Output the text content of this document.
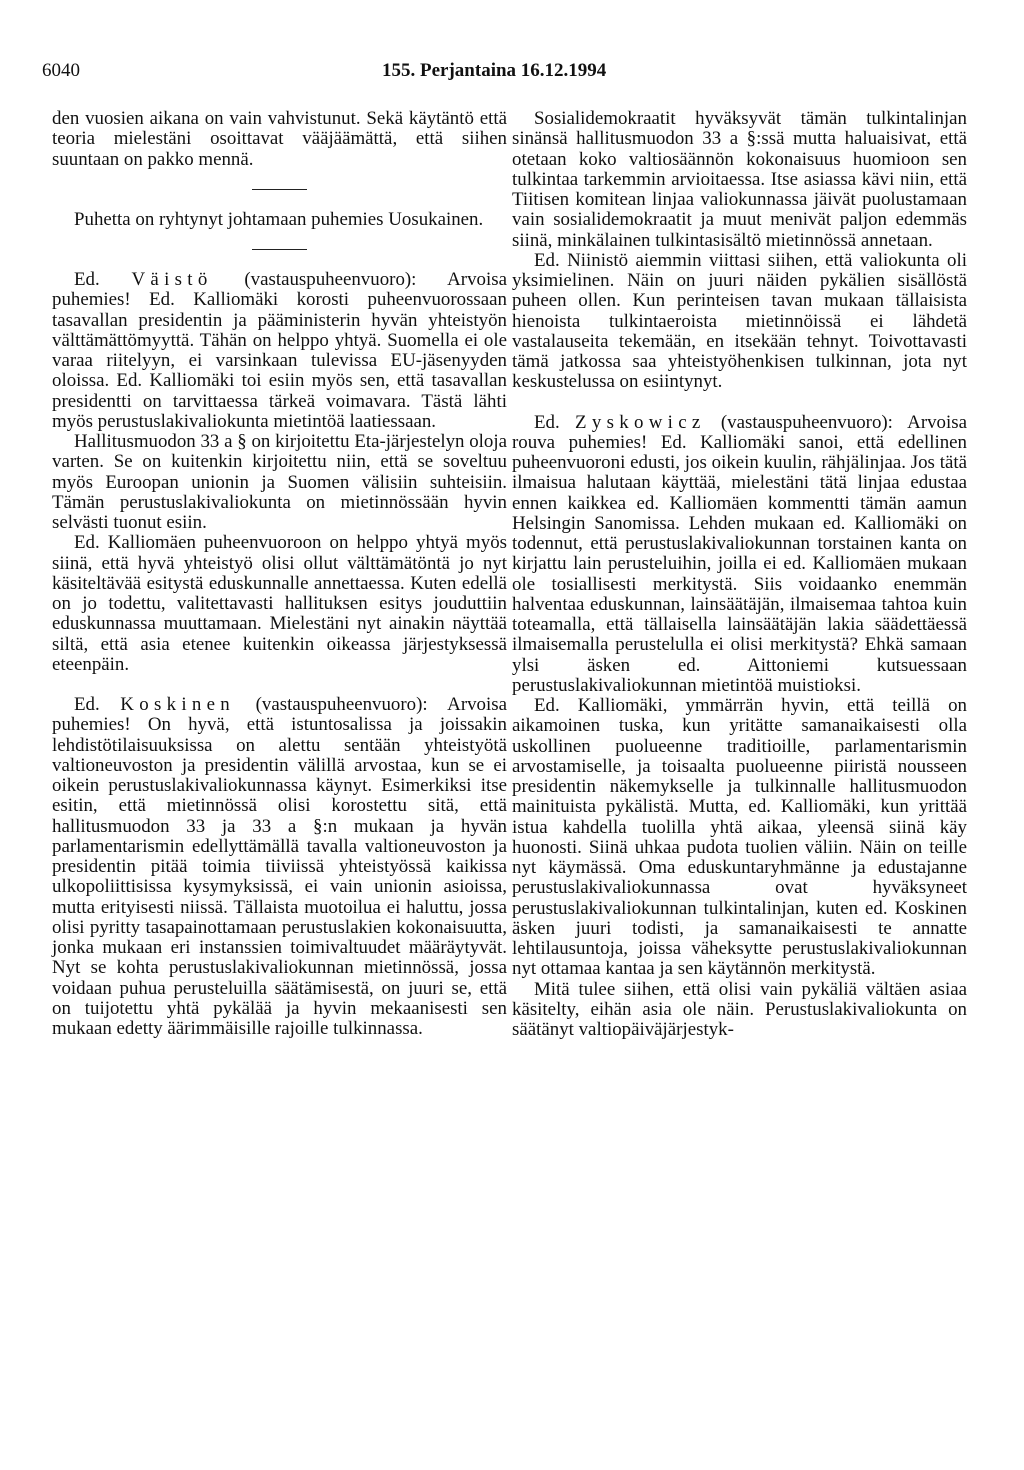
6040	155. Perjantaina 16.12.1994

den vuosien aikana on vain vahvistunut. Sekä käytäntö että teoria mielestäni osoittavat vääjäämättä, että siihen suuntaan on pakko mennä.

Puhetta on ryhtynyt johtamaan puhemies Uosukainen.

Ed. Väistö (vastauspuheenvuoro): Arvoisa puhemies! Ed. Kalliomäki korosti puheenvuorossaan tasavallan presidentin ja pääministerin hyvän yhteistyön välttämättömyyttä. Tähän on helppo yhtyä. Suomella ei ole varaa riitelyyn, ei varsinkaan tulevissa EU-jäsenyyden oloissa. Ed. Kalliomäki toi esiin myös sen, että tasavallan presidentti on tarvittaessa tärkeä voimavara. Tästä lähti myös perustuslakivaliokunta mietintöä laatiessaan.

Hallitusmuodon 33 a § on kirjoitettu Eta-järjestelyn oloja varten. Se on kuitenkin kirjoitettu niin, että se soveltuu myös Euroopan unionin ja Suomen välisiin suhteisiin. Tämän perustuslakivaliokunta on mietinnössään hyvin selvästi tuonut esiin.

Ed. Kalliomäen puheenvuoroon on helppo yhtyä myös siinä, että hyvä yhteistyö olisi ollut välttämätöntä jo nyt käsiteltävää esitystä eduskunnalle annettaessa. Kuten edellä on jo todettu, valitettavasti hallituksen esitys jouduttiin eduskunnassa muuttamaan. Mielestäni nyt ainakin näyttää siltä, että asia etenee kuitenkin oikeassa järjestyksessä eteenpäin.

Ed. Koskinen (vastauspuheenvuoro): Arvoisa puhemies! On hyvä, että istuntosalissa ja joissakin lehdistötilaisuuksissa on alettu sentään yhteistyötä valtioneuvoston ja presidentin välillä arvostaa, kun se ei oikein perustuslakivaliokunnassa käynyt. Esimerkiksi itse esitin, että mietinnössä olisi korostettu sitä, että hallitusmuodon 33 ja 33 a §:n mukaan ja hyvän parlamentarismin edellyttämällä tavalla valtioneuvoston ja presidentin pitää toimia tiiviissä yhteistyössä kaikissa ulkopoliittisissa kysymyksissä, ei vain unionin asioissa, mutta erityisesti niissä. Tällaista muotoilua ei haluttu, jossa olisi pyritty tasapainottamaan perustuslakien kokonaisuutta, jonka mukaan eri instanssien toimivaltuudet määräytyvät. Nyt se kohta perustuslakivaliokunnan mietinnössä, jossa voidaan puhua perusteluilla säätämisestä, on juuri se, että on tuijotettu yhtä pykälää ja hyvin mekaanisesti sen mukaan edetty äärimmäisille rajoille tulkinnassa.

Sosialidemokraatit hyväksyvät tämän tulkintalinjan sinänsä hallitusmuodon 33 a §:ssä mutta haluaisivat, että otetaan koko valtiosäännön kokonaisuus huomioon sen tulkintaa tarkemmin arvioitaessa. Itse asiassa kävi niin, että Tiitisen komitean linjaa valiokunnassa jäivät puolustamaan vain sosialidemokraatit ja muut menivät paljon edemmäs siinä, minkälainen tulkintasisältö mietinnössä annetaan.

Ed. Niinistö aiemmin viittasi siihen, että valiokunta oli yksimielinen. Näin on juuri näiden pykälien sisällöstä puheen ollen. Kun perinteisen tavan mukaan tällaisista hienoista tulkintaeroista mietinnöissä ei lähdetä vastalauseita tekemään, en itsekään tehnyt. Toivottavasti tämä jatkossa saa yhteistyöhenkisen tulkinnan, jota nyt keskustelussa on esiintynyt.

Ed. Zyskowicz (vastauspuheenvuoro): Arvoisa rouva puhemies! Ed. Kalliomäki sanoi, että edellinen puheenvuoroni edusti, jos oikein kuulin, rähjälinjaa. Jos tätä ilmaisua halutaan käyttää, mielestäni tätä linjaa edustaa ennen kaikkea ed. Kalliomäen kommentti tämän aamun Helsingin Sanomissa. Lehden mukaan ed. Kalliomäki on todennut, että perustuslakivaliokunnan torstainen kanta on kirjattu lain perusteluihin, joilla ei ed. Kalliomäen mukaan ole tosiallisesti merkitystä. Siis voidaanko enemmän halventaa eduskunnan, lainsäätäjän, ilmaisemaa tahtoa kuin toteamalla, että tällaisella lainsäätäjän lakia säädettäessä ilmaisemalla perustelulla ei olisi merkitystä? Ehkä samaan ylsi äsken ed. Aittoniemi kutsuessaan perustuslakivaliokunnan mietintöä muistioksi.

Ed. Kalliomäki, ymmärrän hyvin, että teillä on aikamoinen tuska, kun yritätte samanaikaisesti olla uskollinen puolueenne traditioille, parlamentarismin arvostamiselle, ja toisaalta puolueenne piiristä nousseen presidentin näkemykselle ja tulkinnalle hallitusmuodon mainituista pykälistä. Mutta, ed. Kalliomäki, kun yrittää istua kahdella tuolilla yhtä aikaa, yleensä siinä käy huonosti. Siinä uhkaa pudota tuolien väliin. Näin on teille nyt käymässä. Oma eduskuntaryhmänne ja edustajanne perustuslakivaliokunnassa ovat hyväksyneet perustuslakivaliokunnan tulkintalinjan, kuten ed. Koskinen äsken juuri todisti, ja samanaikaisesti te annatte lehtilausuntoja, joissa väheksytte perustuslakivaliokunnan nyt ottamaa kantaa ja sen käytännön merkitystä.

Mitä tulee siihen, että olisi vain pykäliä vältäen asiaa käsitelty, eihän asia ole näin. Perustuslakivaliokunta on säätänyt valtiopäiväjärjestyk-
